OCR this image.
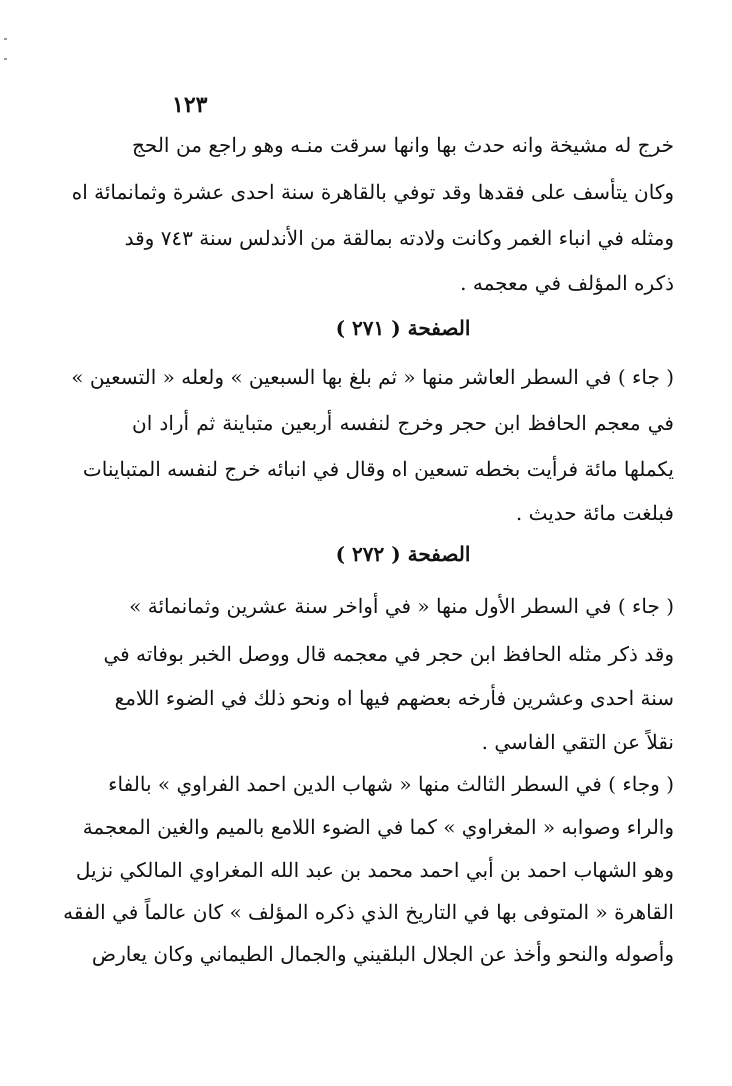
١٢٣
خرج له مشيخة وانه حدث بها وانها سرقت منـه وهو راجع من الحج
وكان يتأسف على فقدها وقد توفي بالقاهرة سنة احدى عشرة وثمانمائة اه
ومثله في انباء الغمر وكانت ولادته بمالقة من الأندلس سنة ٧٤٣ وقد
ذكره المؤلف في معجمه .
الصفحة ( ٢٧١ )
( جاء ) في السطر العاشر منها « ثم بلغ بها السبعين » ولعله « التسعين »
في معجم الحافظ ابن حجر وخرج لنفسه أربعين متباينة ثم أراد ان
يكملها مائة فرأيت بخطه تسعين اه وقال في انبائه خرج لنفسه المتباينات
فبلغت مائة حديث .
الصفحة ( ٢٧٢ )
( جاء ) في السطر الأول منها « في أواخر سنة عشرين وثمانمائة »
وقد ذكر مثله الحافظ ابن حجر في معجمه قال ووصل الخبر بوفاته في
سنة احدى وعشرين فأرخه بعضهم فيها اه ونحو ذلك في الضوء اللامع
نقلاً عن التقي الفاسي .
( وجاء ) في السطر الثالث منها « شهاب الدين احمد الفراوي » بالفاء
والراء وصوابه « المغراوي » كما في الضوء اللامع بالميم والغين المعجمة
وهو الشهاب احمد بن أبي احمد محمد بن عبد الله المغراوي المالكي نزيل
القاهرة « المتوفى بها في التاريخ الذي ذكره المؤلف » كان عالماً في الفقه
وأصوله والنحو وأخذ عن الجلال البلقيني والجمال الطيماني وكان يعارض
